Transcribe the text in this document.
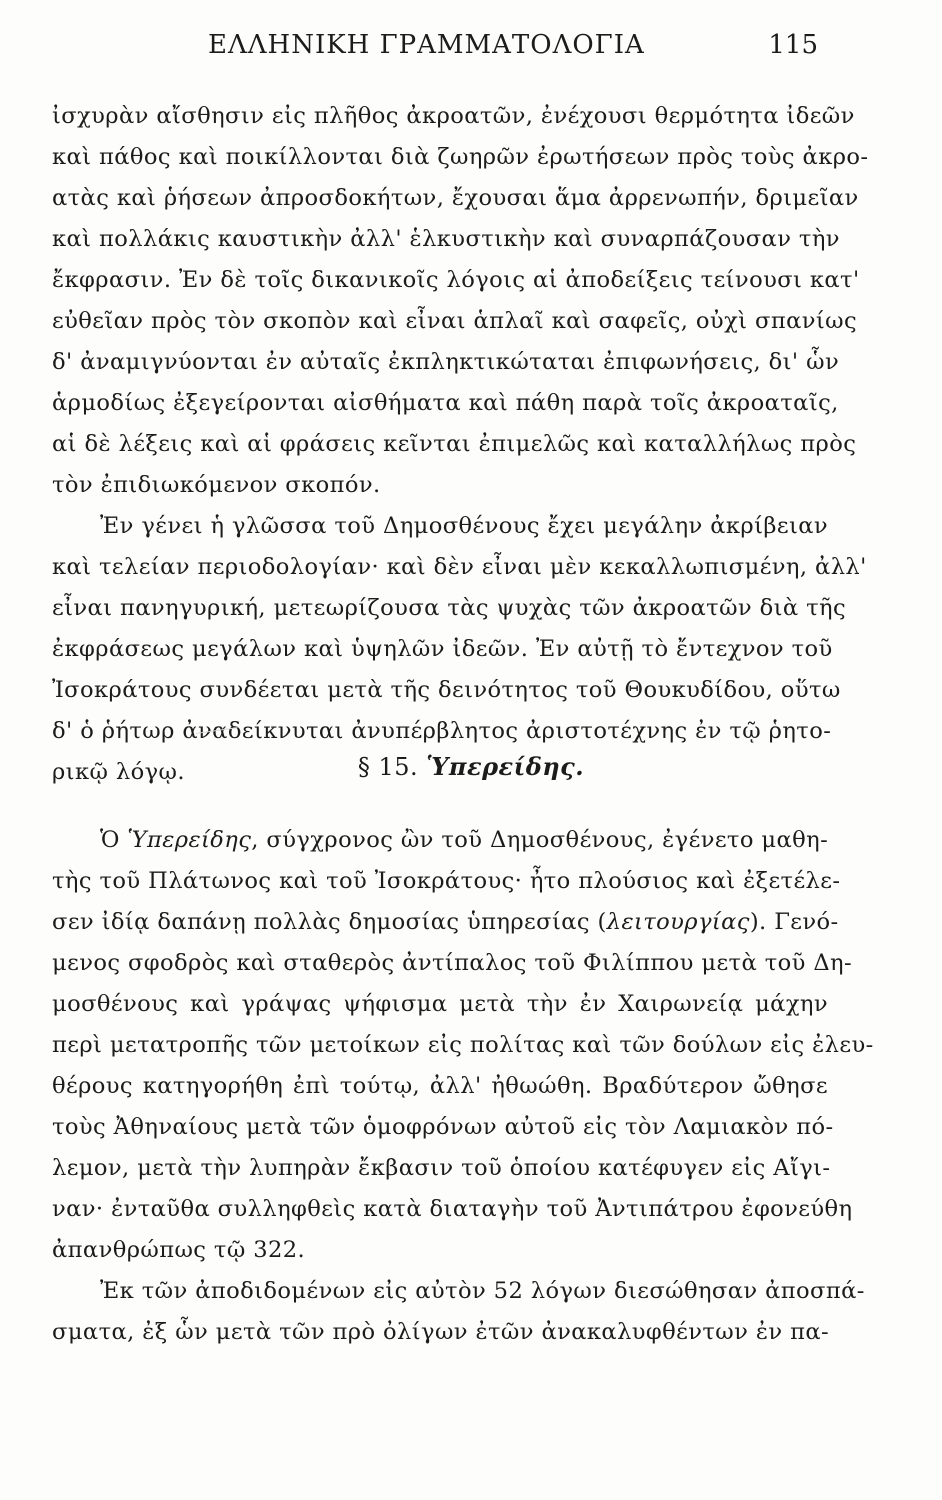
ΕΛΛΗΝΙΚΗ ΓΡΑΜΜΑΤΟΛΟΓΙΑ	115
ἰσχυρὰν αἴσθησιν εἰς πλῆθος ἀκροατῶν, ἐνέχουσι θερμότητα ἰδεῶν
καὶ πάθος καὶ ποικίλλονται διὰ ζωηρῶν ἐρωτήσεων πρὸς τοὺς ἀκρο-
ατὰς καὶ ῥήσεων ἀπροσδοκήτων, ἔχουσαι ἅμα ἀρρενωπήν, δριμεῖαν
καὶ πολλάκις καυστικὴν ἀλλ' ἑλκυστικὴν καὶ συναρπάζουσαν τὴν
ἔκφρασιν. Ἐν δὲ τοῖς δικανικοῖς λόγοις αἱ ἀποδείξεις τείνουσι κατ'
εὐθεῖαν πρὸς τὸν σκοπὸν καὶ εἶναι ἁπλαῖ καὶ σαφεῖς, οὐχὶ σπανίως
δ' ἀναμιγνύονται ἐν αὐταῖς ἐκπληκτικώταται ἐπιφωνήσεις, δι' ὧν
ἁρμοδίως ἐξεγείρονται αἰσθήματα καὶ πάθη παρὰ τοῖς ἀκροαταῖς,
αἱ δὲ λέξεις καὶ αἱ φράσεις κεῖνται ἐπιμελῶς καὶ καταλλήλως πρὸς
τὸν ἐπιδιωκόμενον σκοπόν.
Ἐν γένει ἡ γλῶσσα τοῦ Δημοσθένους ἔχει μεγάλην ἀκρίβειαν
καὶ τελείαν περιοδολογίαν· καὶ δὲν εἶναι μὲν κεκαλλωπισμένη, ἀλλ'
εἶναι πανηγυρική, μετεωρίζουσα τὰς ψυχὰς τῶν ἀκροατῶν διὰ τῆς
ἐκφράσεως μεγάλων καὶ ὑψηλῶν ἰδεῶν. Ἐν αὐτῇ τὸ ἔντεχνον τοῦ
Ἰσοκράτους συνδέεται μετὰ τῆς δεινότητος τοῦ Θουκυδίδου, οὕτω
δ' ὁ ῥήτωρ ἀναδείκνυται ἀνυπέρβλητος ἀριστοτέχνης ἐν τῷ ῥητο-
ρικῷ λόγῳ.	§ 15. Ὑπερείδης.
Ὁ Ὑπερείδης, σύγχρονος ὢν τοῦ Δημοσθένους, ἐγένετο μαθη-
τὴς τοῦ Πλάτωνος καὶ τοῦ Ἰσοκράτους· ἦτο πλούσιος καὶ ἐξετέλε-
σεν ἰδίᾳ δαπάνῃ πολλὰς δημοσίας ὑπηρεσίας (λειτουργίας). Γενό-
μενος σφοδρὸς καὶ σταθερὸς ἀντίπαλος τοῦ Φιλίππου μετὰ τοῦ Δη-
μοσθένους καὶ γράψας ψήφισμα μετὰ τὴν ἐν Χαιρωνείᾳ μάχην
περὶ μετατροπῆς τῶν μετοίκων εἰς πολίτας καὶ τῶν δούλων εἰς ἐλευ-
θέρους κατηγορήθη ἐπὶ τούτῳ, ἀλλ' ἠθωώθη. Βραδύτερον ὤθησε
τοὺς Ἀθηναίους μετὰ τῶν ὁμοφρόνων αὐτοῦ εἰς τὸν Λαμιακὸν πό-
λεμον, μετὰ τὴν λυπηρὰν ἔκβασιν τοῦ ὁποίου κατέφυγεν εἰς Αἴγι-
ναν· ἐνταῦθα συλληφθεὶς κατὰ διαταγὴν τοῦ Ἀντιπάτρου ἐφονεύθη
ἀπανθρώπως τῷ 322.
Ἐκ τῶν ἀποδιδομένων εἰς αὐτὸν 52 λόγων διεσώθησαν ἀποσπά-
σματα, ἐξ ὧν μετὰ τῶν πρὸ ὀλίγων ἐτῶν ἀνακαλυφθέντων ἐν πα-
